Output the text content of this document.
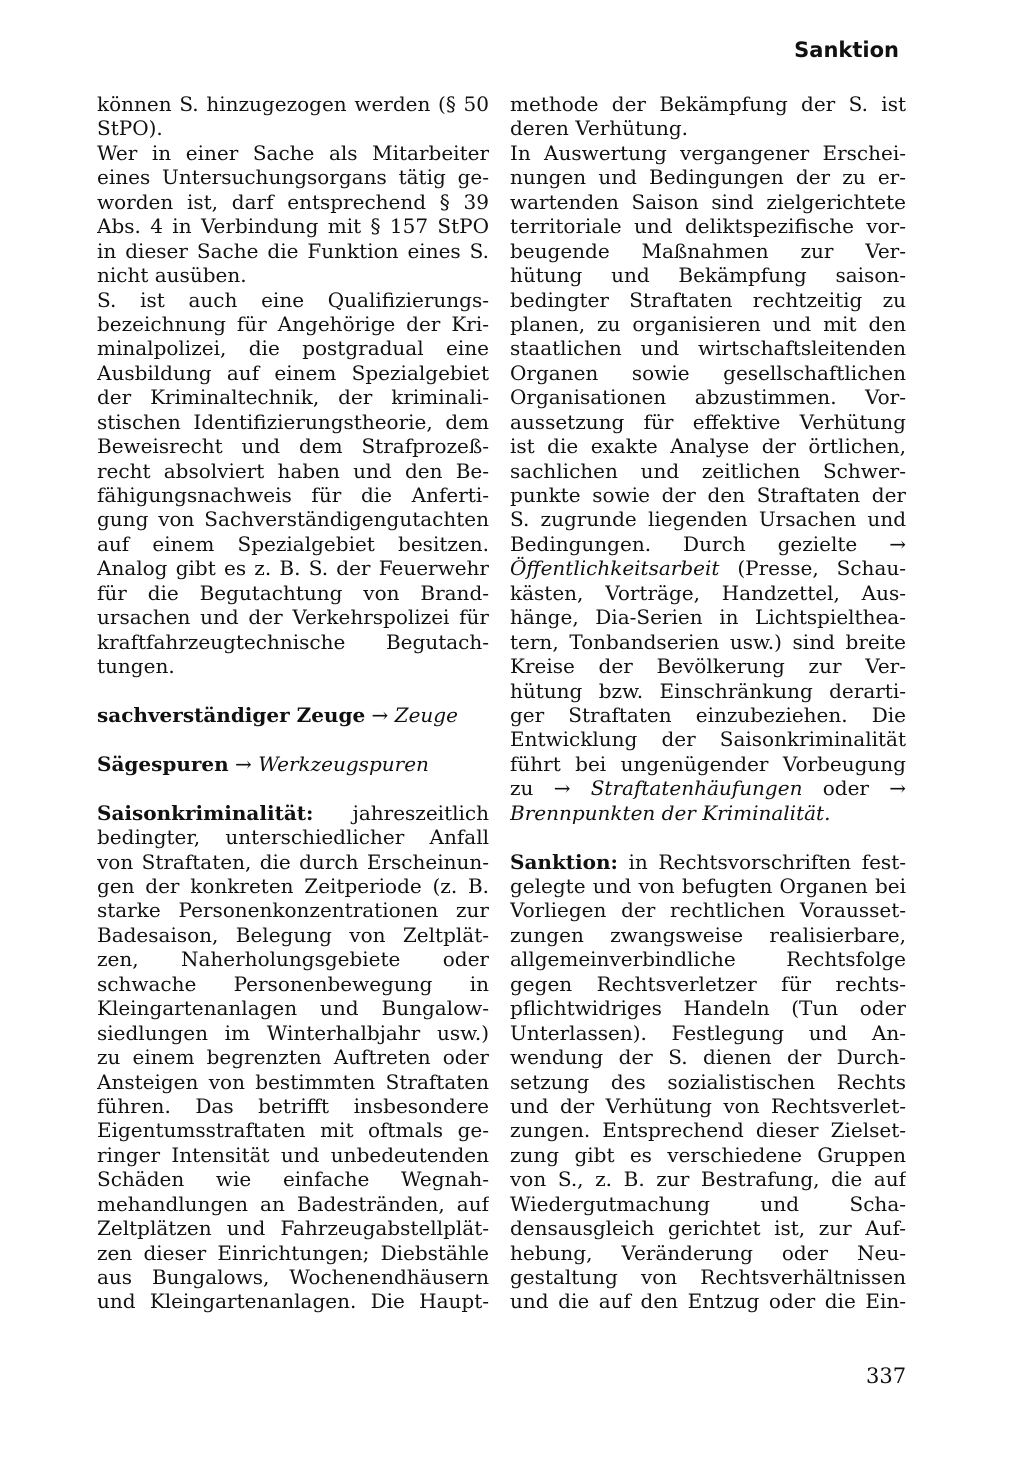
Sanktion
können S. hinzugezogen werden (§ 50
StPO).
Wer in einer Sache als Mitarbeiter
eines Untersuchungsorgans tätig ge-
worden ist, darf entsprechend § 39
Abs. 4 in Verbindung mit § 157 StPO
in dieser Sache die Funktion eines S.
nicht ausüben.
S. ist auch eine Qualifizierungs-
bezeichnung für Angehörige der Kri-
minalpolizei, die postgradual eine
Ausbildung auf einem Spezialgebiet
der Kriminaltechnik, der kriminali-
stischen Identifizierungstheorie, dem
Beweisrecht und dem Strafprozeß-
recht absolviert haben und den Be-
fähigungsnachweis für die Anferti-
gung von Sachverständigengutachten
auf einem Spezialgebiet besitzen.
Analog gibt es z. B. S. der Feuerwehr
für die Begutachtung von Brand-
ursachen und der Verkehrspolizei für
kraftfahrzeugtechnische Begutach-
tungen.
sachverständiger Zeuge → Zeuge
Sägespuren → Werkzeugspuren
Saisonkriminalität: jahreszeitlich
bedingter, unterschiedlicher Anfall
von Straftaten, die durch Erscheinun-
gen der konkreten Zeitperiode (z. B.
starke Personenkonzentrationen zur
Badesaison, Belegung von Zeltplät-
zen, Naherholungsgebiete oder
schwache Personenbewegung in
Kleingartenanlagen und Bungalow-
siedlungen im Winterhalbjahr usw.)
zu einem begrenzten Auftreten oder
Ansteigen von bestimmten Straftaten
führen. Das betrifft insbesondere
Eigentumsstraftaten mit oftmals ge-
ringer Intensität und unbedeutenden
Schäden wie einfache Wegnah-
mehandlungen an Badestränden, auf
Zeltplätzen und Fahrzeugabstellplät-
zen dieser Einrichtungen; Diebstähle
aus Bungalows, Wochenendhäusern
und Kleingartenanlagen. Die Haupt-
methode der Bekämpfung der S. ist
deren Verhütung.
In Auswertung vergangener Erschei-
nungen und Bedingungen der zu er-
wartenden Saison sind zielgerichtete
territoriale und deliktspezifische vor-
beugende Maßnahmen zur Ver-
hütung und Bekämpfung saison-
bedingter Straftaten rechtzeitig zu
planen, zu organisieren und mit den
staatlichen und wirtschaftsleitenden
Organen sowie gesellschaftlichen
Organisationen abzustimmen. Vor-
aussetzung für effektive Verhütung
ist die exakte Analyse der örtlichen,
sachlichen und zeitlichen Schwer-
punkte sowie der den Straftaten der
S. zugrunde liegenden Ursachen und
Bedingungen. Durch gezielte →
Öffentlichkeitsarbeit (Presse, Schau-
kästen, Vorträge, Handzettel, Aus-
hänge, Dia-Serien in Lichtspielthea-
tern, Tonbandserien usw.) sind breite
Kreise der Bevölkerung zur Ver-
hütung bzw. Einschränkung derarti-
ger Straftaten einzubeziehen. Die
Entwicklung der Saisonkriminalität
führt bei ungenügender Vorbeugung
zu → Straftatenhäufungen oder →
Brennpunkten der Kriminalität.
Sanktion: in Rechtsvorschriften fest-
gelegte und von befugten Organen bei
Vorliegen der rechtlichen Vorausset-
zungen zwangsweise realisierbare,
allgemeinverbindliche Rechtsfolge
gegen Rechtsverletzer für rechts-
pflichtwidriges Handeln (Tun oder
Unterlassen). Festlegung und An-
wendung der S. dienen der Durch-
setzung des sozialistischen Rechts
und der Verhütung von Rechtsverlet-
zungen. Entsprechend dieser Zielset-
zung gibt es verschiedene Gruppen
von S., z. B. zur Bestrafung, die auf
Wiedergutmachung und Scha-
densausgleich gerichtet ist, zur Auf-
hebung, Veränderung oder Neu-
gestaltung von Rechtsverhältnissen
und die auf den Entzug oder die Ein-
337
